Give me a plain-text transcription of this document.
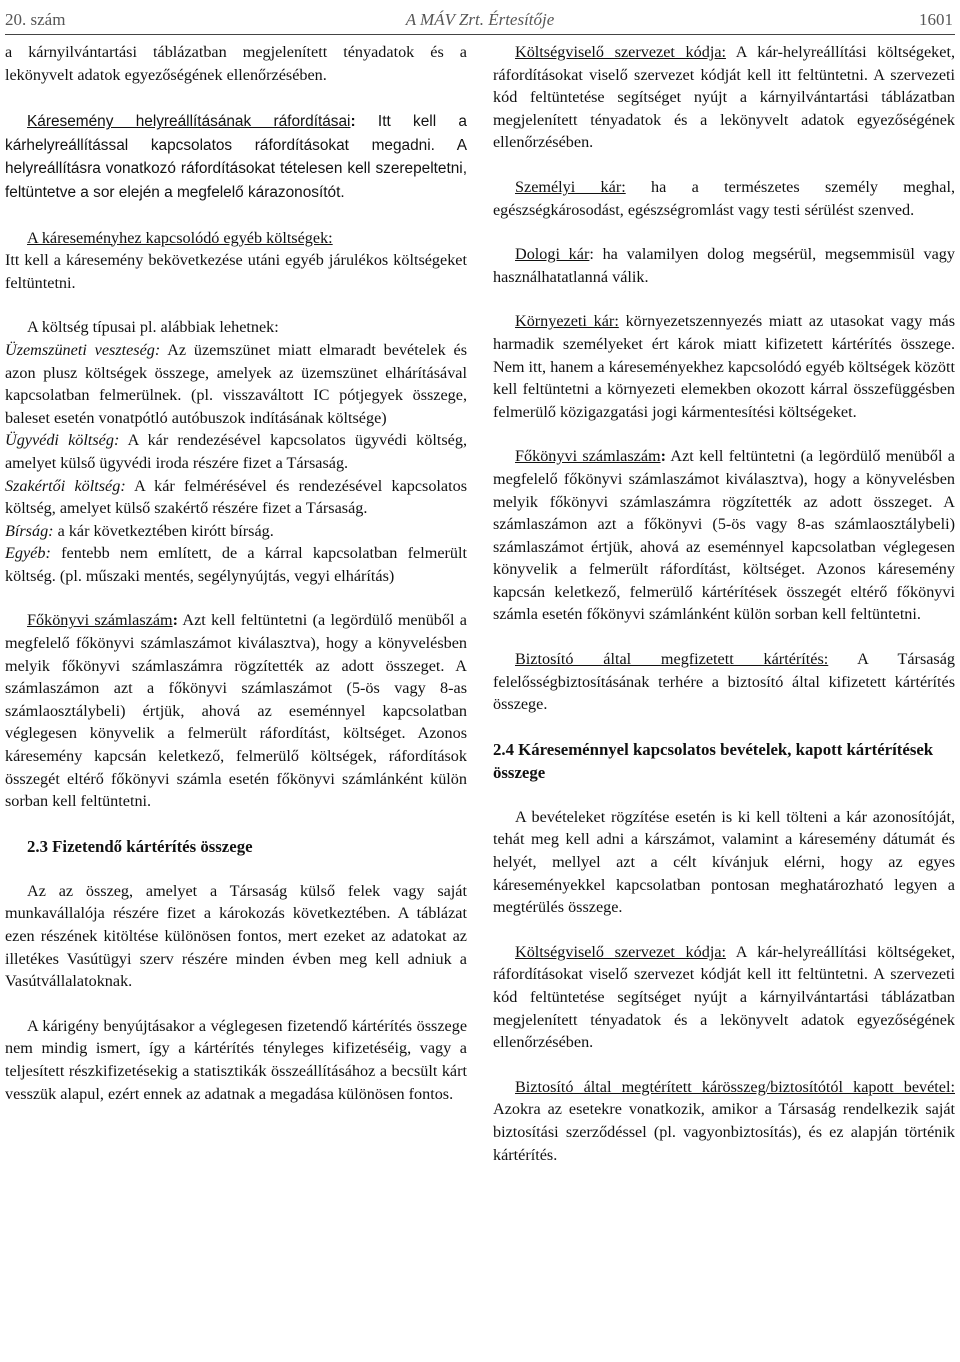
20. szám	A MÁV Zrt. Értesítője	1601

a kárnyilvántartási táblázatban megjelenített tényadatok és a lekönyvelt adatok egyezőségének ellenőrzésében.

Káresemény helyreállításának ráfordításai: Itt kell a kárhelyreállítással kapcsolatos ráfordításokat megadni. A helyreállításra vonatkozó ráfordításokat tételesen kell szerepeltetni, feltüntetve a sor elején a megfelelő kárazonosítót.

A káreseményhez kapcsolódó egyéb költségek:
Itt kell a káresemény bekövetkezése utáni egyéb járulékos költségeket feltüntetni.

A költség típusai pl. alábbiak lehetnek:

Üzemszüneti veszteség: Az üzemszünet miatt elmaradt bevételek és azon plusz költségek összege, amelyek az üzemszünet elhárításával kapcsolatban felmerülnek. (pl. visszaváltott IC pótjegyek összege, baleset esetén vonatpótló autóbuszok indításának költsége)

Ügyvédi költség: A kár rendezésével kapcsolatos ügyvédi költség, amelyet külső ügyvédi iroda részére fizet a Társaság.

Szakértői költség: A kár felmérésével és rendezésével kapcsolatos költség, amelyet külső szakértő részére fizet a Társaság.

Bírság: a kár következtében kirótt bírság.

Egyéb: fentebb nem említett, de a kárral kapcsolatban felmerült költség. (pl. műszaki mentés, segélynyújtás, vegyi elhárítás)

Főkönyvi számlaszám: Azt kell feltüntetni (a legördülő menüből a megfelelő főkönyvi számlaszámot kiválasztva), hogy a könyvelésben melyik főkönyvi számlaszámra rögzítették az adott összeget. A számlaszámon azt a főkönyvi számlaszámot (5-ös vagy 8-as számlaosztálybeli) értjük, ahová az eseménnyel kapcsolatban véglegesen könyvelik a felmerült ráfordítást, költséget. Azonos káresemény kapcsán keletkező, felmerülő költségek, ráfordítások összegét eltérő főkönyvi számla esetén főkönyvi számlánként külön sorban kell feltüntetni.

2.3 Fizetendő kártérítés összege

Az az összeg, amelyet a Társaság külső felek vagy saját munkavállalója részére fizet a károkozás következtében. A táblázat ezen részének kitöltése különösen fontos, mert ezeket az adatokat az illetékes Vasútügyi szerv részére minden évben meg kell adniuk a Vasútvállalatoknak.

A kárigény benyújtásakor a véglegesen fizetendő kártérítés összege nem mindig ismert, így a kártérítés tényleges kifizetéséig, vagy a teljesített részkifizetésekig a statisztikák összeállításához a becsült kárt vesszük alapul, ezért ennek az adatnak a megadása különösen fontos.

Költségviselő szervezet kódja: A kár-helyreállítási költségeket, ráfordításokat viselő szervezet kódját kell itt feltüntetni. A szervezeti kód feltüntetése segítséget nyújt a kárnyilvántartási táblázatban megjelenített tényadatok és a lekönyvelt adatok egyezőségének ellenőrzésében.

Személyi kár: ha a természetes személy meghal, egészségkárosodást, egészségromlást vagy testi sérülést szenved.

Dologi kár: ha valamilyen dolog megsérül, megsemmisül vagy használhatatlanná válik.

Környezeti kár: környezetszennyezés miatt az utasokat vagy más harmadik személyeket ért károk miatt kifizetett kártérítés összege. Nem itt, hanem a káreseményekhez kapcsolódó egyéb költségek között kell feltüntetni a környezeti elemekben okozott kárral összefüggésben felmerülő közigazgatási jogi kármentesítési költségeket.

Főkönyvi számlaszám: Azt kell feltüntetni (a legördülő menüből a megfelelő főkönyvi számlaszámot kiválasztva), hogy a könyvelésben melyik főkönyvi számlaszámra rögzítették az adott összeget. A számlaszámon azt a főkönyvi (5-ös vagy 8-as számlaosztálybeli) számlaszámot értjük, ahová az eseménnyel kapcsolatban véglegesen könyvelik a felmerült ráfordítást, költséget. Azonos káresemény kapcsán keletkező, felmerülő kártérítések összegét eltérő főkönyvi számla esetén főkönyvi számlánként külön sorban kell feltüntetni.

Biztosító által megfizetett kártérítés: A Társaság felelősségbiztosításának terhére a biztosító által kifizetett kártérítés összege.

2.4 Káreseménnyel kapcsolatos bevételek, kapott kártérítések összege

A bevételeket rögzítése esetén is ki kell tölteni a kár azonosítóját, tehát meg kell adni a kárszámot, valamint a káresemény dátumát és helyét, mellyel azt a célt kívánjuk elérni, hogy az egyes káreseményekkel kapcsolatban pontosan meghatározható legyen a megtérülés összege.

Költségviselő szervezet kódja: A kár-helyreállítási költségeket, ráfordításokat viselő szervezet kódját kell itt feltüntetni. A szervezeti kód feltüntetése segítséget nyújt a kárnyilvántartási táblázatban megjelenített tényadatok és a lekönyvelt adatok egyezőségének ellenőrzésében.

Biztosító által megtérített kárösszeg/biztosítótól kapott bevétel: Azokra az esetekre vonatkozik, amikor a Társaság rendelkezik saját biztosítási szerződéssel (pl. vagyonbiztosítás), és ez alapján történik kártérítés.
